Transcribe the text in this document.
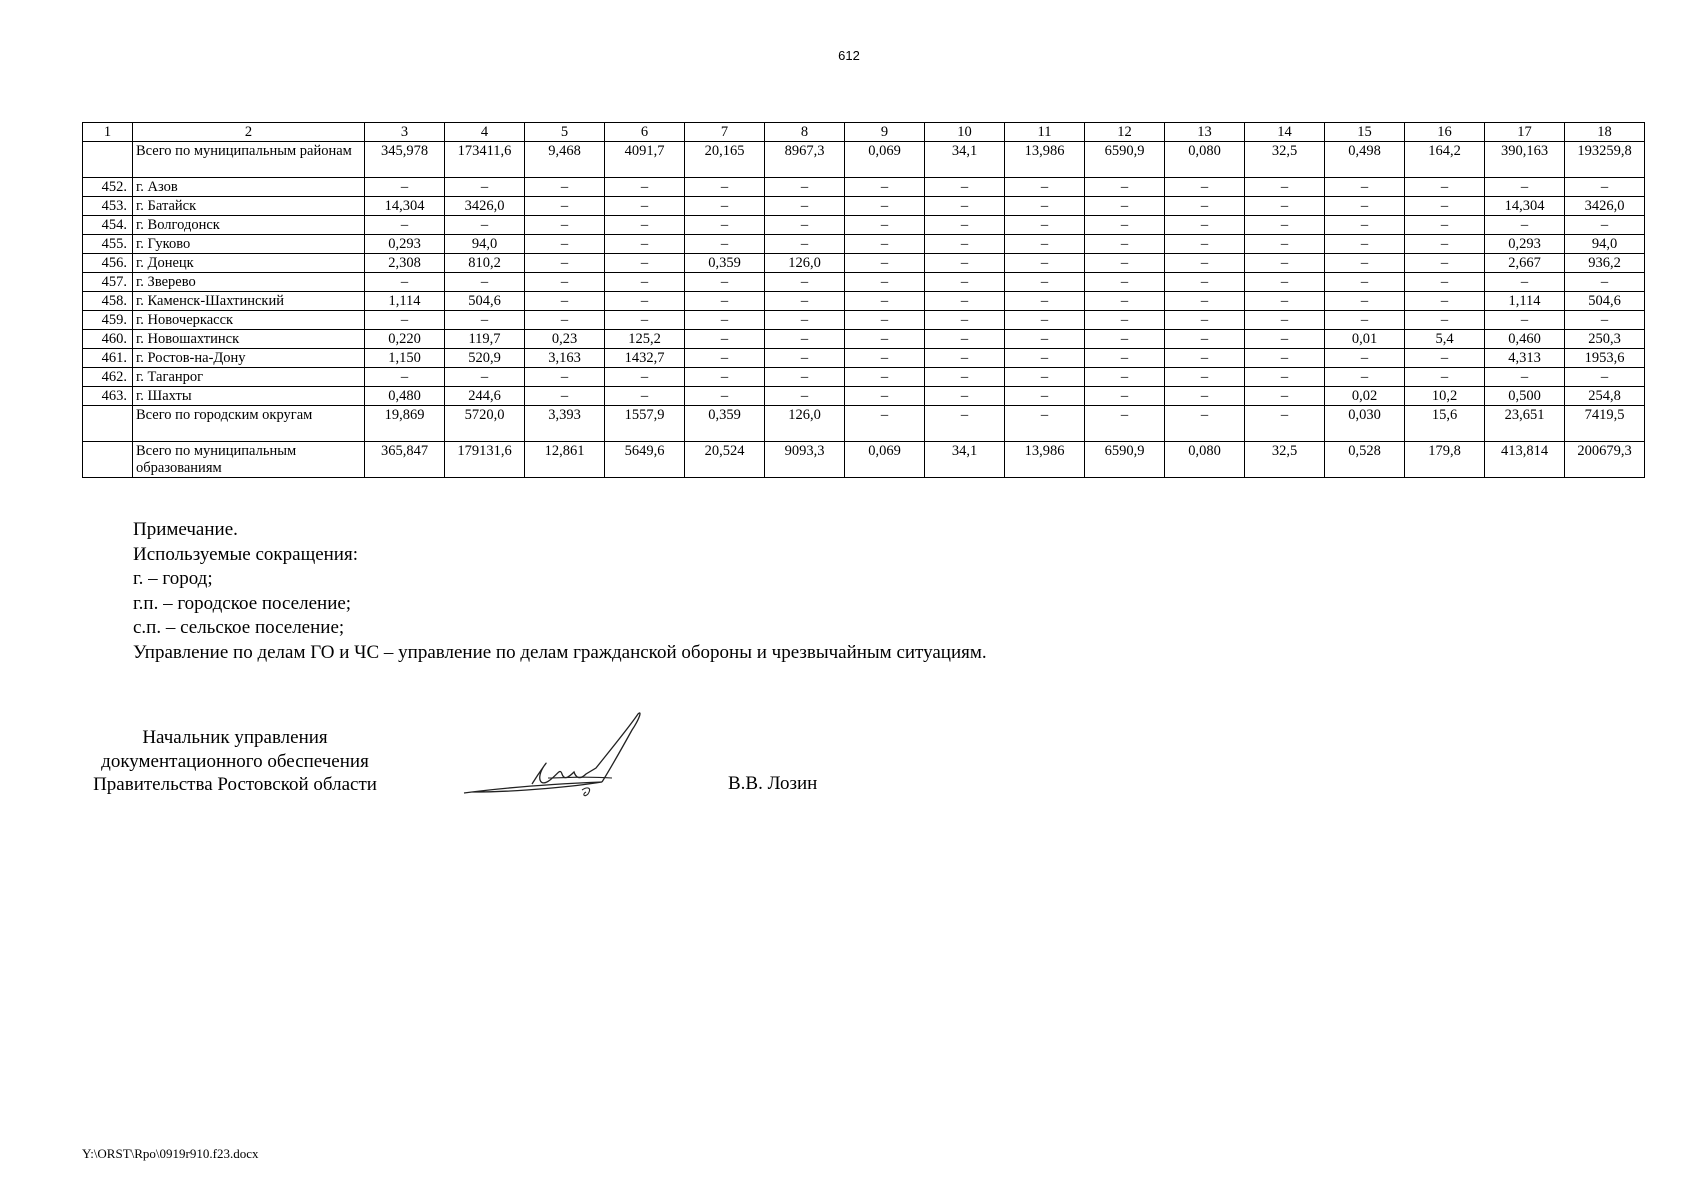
612
1	2	3	4	5	6	7	8	9	10	11	12	13	14	15	16	17	18
	Всего по муниципальным районам	345,978	173411,6	9,468	4091,7	20,165	8967,3	0,069	34,1	13,986	6590,9	0,080	32,5	0,498	164,2	390,163	193259,8
452.	г. Азов	–	–	–	–	–	–	–	–	–	–	–	–	–	–	–	–
453.	г. Батайск	14,304	3426,0	–	–	–	–	–	–	–	–	–	–	–	–	14,304	3426,0
454.	г. Волгодонск	–	–	–	–	–	–	–	–	–	–	–	–	–	–	–	–
455.	г. Гуково	0,293	94,0	–	–	–	–	–	–	–	–	–	–	–	–	0,293	94,0
456.	г. Донецк	2,308	810,2	–	–	0,359	126,0	–	–	–	–	–	–	–	–	2,667	936,2
457.	г. Зверево	–	–	–	–	–	–	–	–	–	–	–	–	–	–	–	–
458.	г. Каменск-Шахтинский	1,114	504,6	–	–	–	–	–	–	–	–	–	–	–	–	1,114	504,6
459.	г. Новочеркасск	–	–	–	–	–	–	–	–	–	–	–	–	–	–	–	–
460.	г. Новошахтинск	0,220	119,7	0,23	125,2	–	–	–	–	–	–	–	–	0,01	5,4	0,460	250,3
461.	г. Ростов-на-Дону	1,150	520,9	3,163	1432,7	–	–	–	–	–	–	–	–	–	–	4,313	1953,6
462.	г. Таганрог	–	–	–	–	–	–	–	–	–	–	–	–	–	–	–	–
463.	г. Шахты	0,480	244,6	–	–	–	–	–	–	–	–	–	–	0,02	10,2	0,500	254,8
	Всего по городским округам	19,869	5720,0	3,393	1557,9	0,359	126,0	–	–	–	–	–	–	0,030	15,6	23,651	7419,5
	Всего по муниципальным образованиям	365,847	179131,6	12,861	5649,6	20,524	9093,3	0,069	34,1	13,986	6590,9	0,080	32,5	0,528	179,8	413,814	200679,3
Примечание.
Используемые сокращения:
г. – город;
г.п. – городское поселение;
с.п. – сельское поселение;
Управление по делам ГО и ЧС – управление по делам гражданской обороны и чрезвычайным ситуациям.
Начальник управления
документационного обеспечения
Правительства Ростовской области	В.В. Лозин
Y:\ORST\Rpo\0919r910.f23.docx
